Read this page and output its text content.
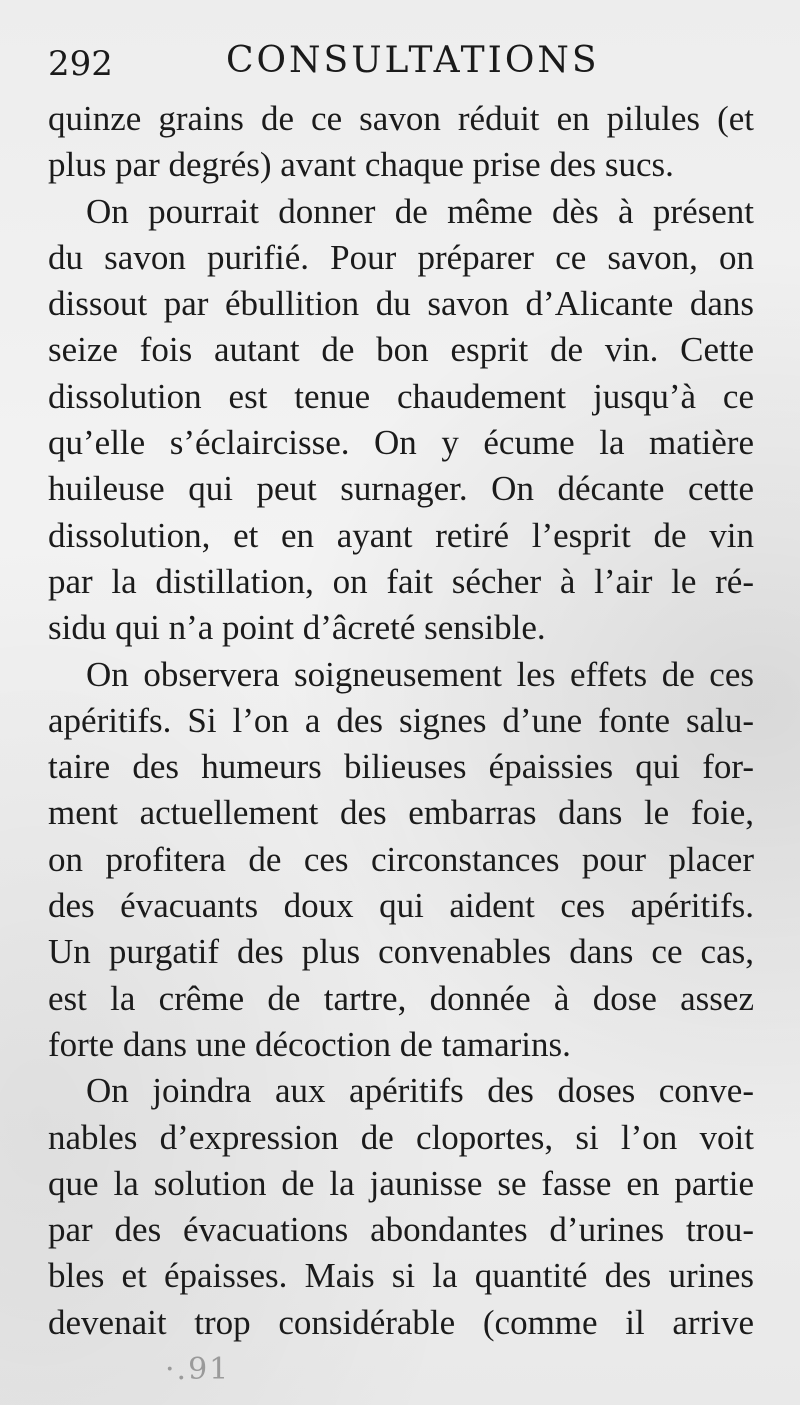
292	CONSULTATIONS
quinze grains de ce savon réduit en pilules (et
plus par degrés) avant chaque prise des sucs.
On pourrait donner de même dès à présent
du savon purifié. Pour préparer ce savon, on
dissout par ébullition du savon d’Alicante dans
seize fois autant de bon esprit de vin. Cette
dissolution est tenue chaudement jusqu’à ce
qu’elle s’éclaircisse. On y écume la matière
huileuse qui peut surnager. On décante cette
dissolution, et en ayant retiré l’esprit de vin
par la distillation, on fait sécher à l’air le ré-
sidu qui n’a point d’âcreté sensible.
On observera soigneusement les effets de ces
apéritifs. Si l’on a des signes d’une fonte salu-
taire des humeurs bilieuses épaissies qui for-
ment actuellement des embarras dans le foie,
on profitera de ces circonstances pour placer
des évacuants doux qui aident ces apéritifs.
Un purgatif des plus convenables dans ce cas,
est la crême de tartre, donnée à dose assez
forte dans une décoction de tamarins.
On joindra aux apéritifs des doses conve-
nables d’expression de cloportes, si l’on voit
que la solution de la jaunisse se fasse en partie
par des évacuations abondantes d’urines trou-
bles et épaisses. Mais si la quantité des urines
devenait trop considérable (comme il arrive
·.91
